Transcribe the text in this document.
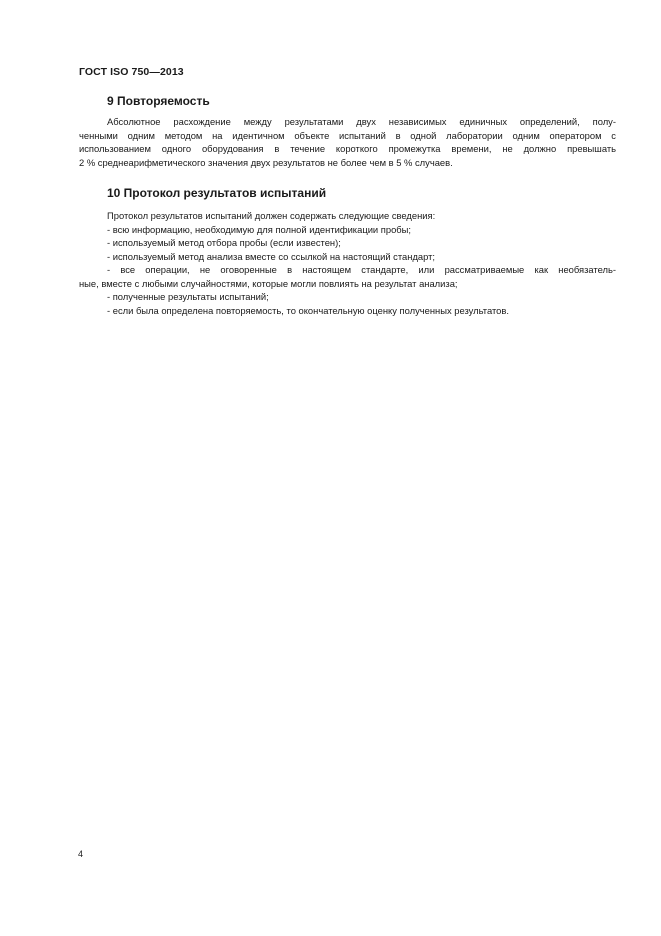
ГОСТ ISO 750—2013
9 Повторяемость
Абсолютное расхождение между результатами двух независимых единичных определений, полу-
ченными одним методом на идентичном объекте испытаний в одной лаборатории одним оператором с
использованием одного оборудования в течение короткого промежутка времени, не должно превышать
2 % среднеарифметического значения двух результатов не более чем в 5 % случаев.
10 Протокол результатов испытаний
Протокол результатов испытаний должен содержать следующие сведения:
- всю информацию, необходимую для полной идентификации пробы;
- используемый метод отбора пробы (если известен);
- используемый метод анализа вместе со ссылкой на настоящий стандарт;
- все операции, не оговоренные в настоящем стандарте, или рассматриваемые как необязатель-
ные, вместе с любыми случайностями, которые могли повлиять на результат анализа;
- полученные результаты испытаний;
- если была определена повторяемость, то окончательную оценку полученных результатов.
4
